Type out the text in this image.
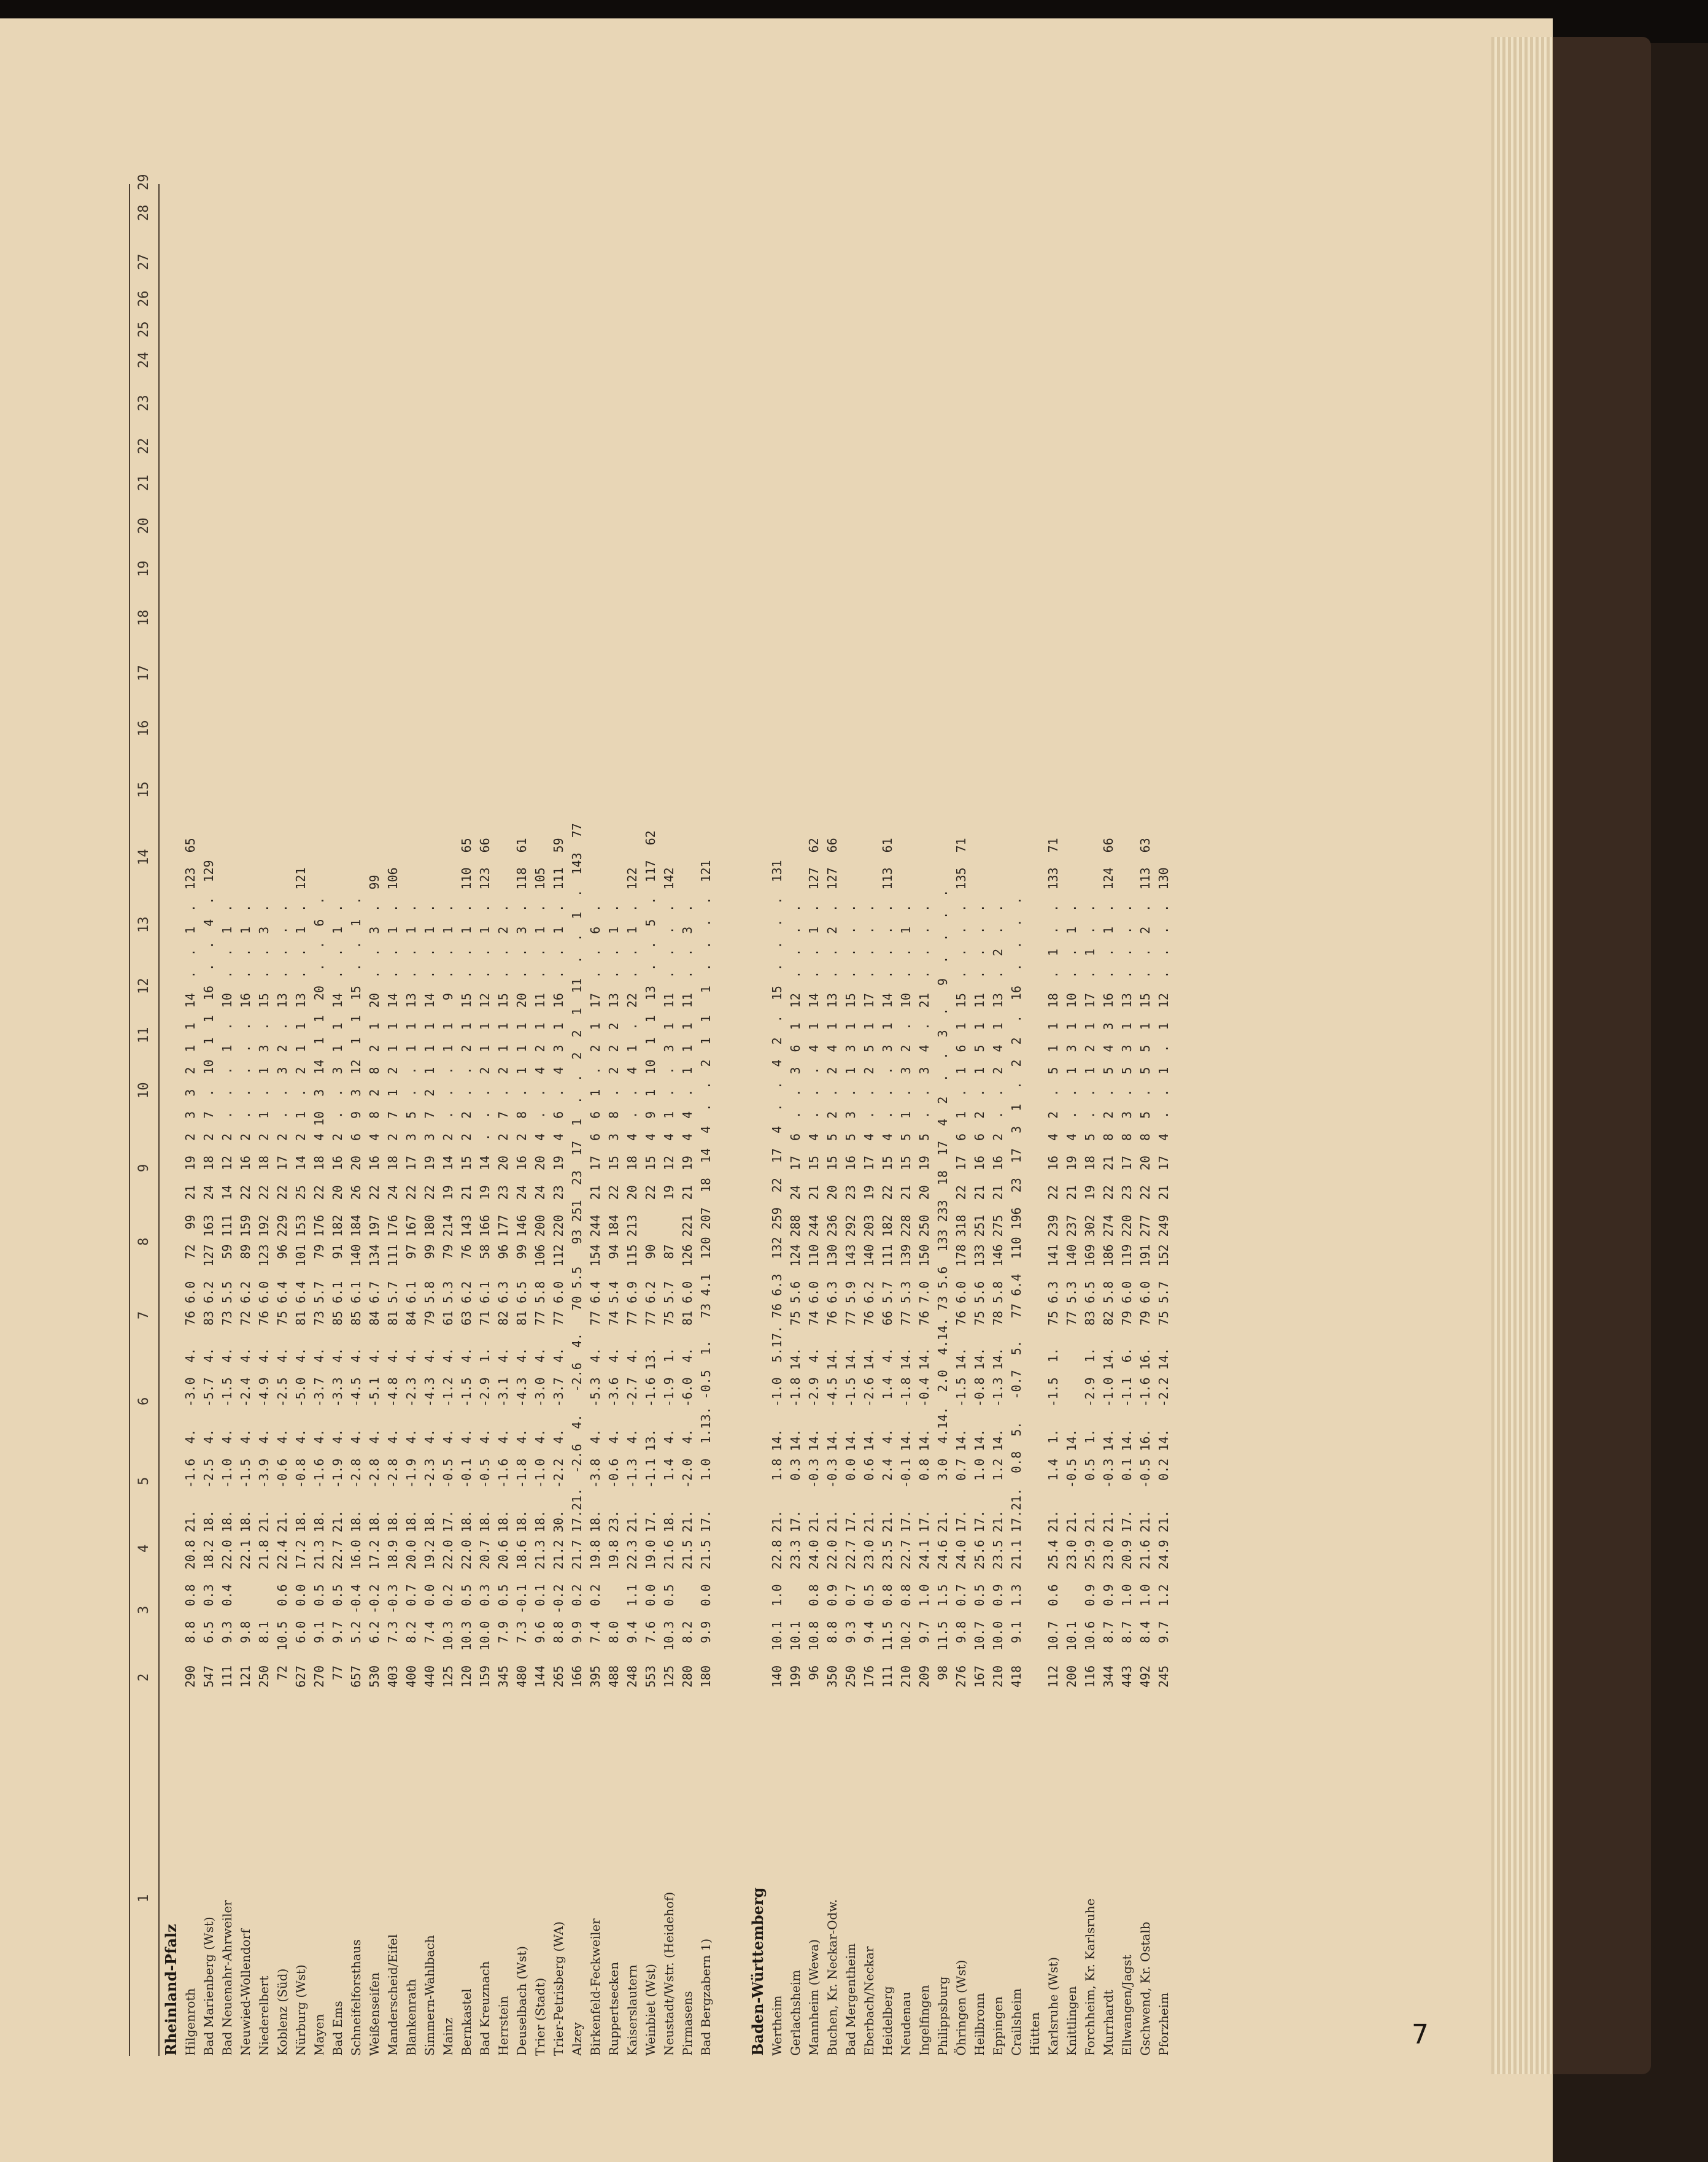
1
2
3
4
5
6
7
8
9
10
11
12
13
14
15
16
17
18
19
20
21
22
23
24
25
26
27
28
29
Rheinland-Pfalz Hilgenroth290   8.8  0.8  20.8 21.   -1.6  4.   -3.0  4.   76 6.0   72  99  21  19  2  3  3  2  1  1  14  .  .  1  .  123  65
Bad Marienberg (Wst)547   6.5  0.3  18.2 18.   -2.5  4.   -5.7  4.   83 6.2  127 163  24  18  2  7  .  10  1  1  16  .  .  4  .  129
Bad Neuenahr-Ahrweiler111   9.3  0.4  22.0 18.   -1.0  4.   -1.5  4.   73 5.5   59 111  14  12  2  .  .  .  1  .  10  .  .  1  .
Neuwied-Wollendorf121   9.8       22.1 18.   -1.5  4.   -2.4  4.   72 6.2   89 159  22  16  2  .  .  .  .  .  16  .  .  1  .
Niederelbert250   8.1       21.8 21.   -3.9  4.   -4.9  4.   76 6.0  123 192  22  18  2  1  .  1  3  .  15  .  .  3  .
Koblenz (Süd) 72  10.5  0.6  22.4 21.   -0.6  4.   -2.5  4.   75 6.4   96 229  22  17  2  .  .  3  2  .  13  .  .  .  .
Nürburg (Wst)627   6.0  0.0  17.2 18.   -0.8  4.   -5.0  4.   81 6.4  101 153  25  14  2  1  .  2  1  1  13  .  .  1  .  121
Mayen270   9.1  0.5  21.3 18.   -1.6  4.   -3.7  4.   73 5.7   79 176  22  18  4 10  3  14  1  1  20  .  .  6  .
Bad Ems 77   9.7  0.5  22.7 21.   -1.9  4.   -3.3  4.   85 6.1   91 182  20  16  2  .  .  3  1  1  14  .  .  1  .
Schneifelforsthaus657   5.2 -0.4  16.0 18.   -2.8  4.   -4.5  4.   85 6.1  140 184  26  20  6  9  3  12  1  1  15  .  .  1  .
Weißenseifen530   6.2 -0.2  17.2 18.   -2.8  4.   -5.1  4.   84 6.7  134 197  22  16  4  8  2  8  2  1  20  .  .  3  .  99
Manderscheid/Eifel403   7.3 -0.3  18.9 18.   -2.8  4.   -4.8  4.   81 5.7  111 176  24  18  2  7  1  2  1  1  14  .  .  1  .  106
Blankenrath400   8.2  0.7  20.0 18.   -1.9  4.   -2.3  4.   84 6.1   97 167  22  17  3  5  .  .  1  1  13  .  .  1  .
Simmern-Wahlbach440   7.4  0.0  19.2 18.   -2.3  4.   -4.3  4.   79 5.8   99 180  22  19  3  7  2  1  1  1  14  .  .  1  .
Mainz125  10.3  0.2  22.0 17.   -0.5  4.   -1.2  4.   61 5.3   79 214  19  14  2  .  .  .  1  1   9  .  .  1  .
Bernkastel120  10.3  0.5  22.0 18.   -0.1  4.   -1.5  4.   63 6.2   76 143  21  15  2  2  .  .  2  1  15  .  .  1  .  110  65
Bad Kreuznach159  10.0  0.3  20.7 18.   -0.5  4.   -2.9  1.   71 6.1   58 166  19  14  .  .  .  2  1  1  12  .  .  1  .  123  66
Herrstein345   7.9  0.5  20.6 18.   -1.6  4.   -3.1  4.   82 6.3   96 177  23  20  2  7  .  2  1  1  15  .  .  2  .
Deuselbach (Wst)480   7.3 -0.1  18.6 18.   -1.8  4.   -4.3  4.   81 6.5   99 146  24  16  2  8  .  1  1  1  20  .  .  3  .  118  61
Trier (Stadt)144   9.6  0.1  21.3 18.   -1.0  4.   -3.0  4.   77 5.8  106 200  24  20  4  .  .  4  2  1  11  .  .  1  .  105
Trier-Petrisberg (WA)265   8.8 -0.2  21.2 30.   -2.2  4.   -3.7  4.   77 6.0  112 220  23  19  4  6  .  4  3  1  16  .  .  1  .  111  59
Alzey166   9.9  0.2  21.7 17.21.  -2.6  4.   -2.6  4.   70 5.5   93 251  23  17  1  .  .  2  2  1  11  .  .  1  .  143  77
Birkenfeld-Feckweiler395   7.4  0.2  19.8 18.   -3.8  4.   -5.3  4.   77 6.4  154 244  21  17  6  6  1  .  2  1  17  .  .  6  .
Ruppertsecken488   8.0       19.8 23.   -0.6  4.   -3.6  4.   74 5.4   94 184  22  15  3  8  .  2  2  2  13  .  .  1  .
Kaiserslautern248   9.4  1.1  22.3 21.   -1.3  4.   -2.7  4.   77 6.9  115 213  20  18  4  .  .  4  1  .  22  .  .  1  .  122
Weinbiet (Wst)553   7.6  0.0  19.0 17.   -1.1 13.   -1.6 13.   77 6.2   90      22  15  4  9  1  10  1  1  13  .  .  5  .  117  62
Neustadt/Wstr. (Heidehof)125  10.3  0.5  21.6 18.    1.4  4.   -1.9  1.   75 5.7   87      19  12  4  1  .  .  3  1  11  .  .  .  .  142
Pirmasens280   8.2       21.5 21.   -2.0  4.   -6.0  4.   81 6.0  126 221  21  19  4  4  .  1  1  1  11  .  .  3  .
Bad Bergzabern 1)180   9.9  0.0  21.5 17.    1.0  1.13. -0.5  1.   73 4.1  120 207  18  14  4  .  .  2  1  1   1  .  .  .  .  121
Baden-Württemberg Wertheim140  10.1  1.0  22.8 21.    1.8 14.   -1.0  5.17. 76 6.3  132 259  22  17  4  .  .  4  2  .  15  .  .  .  .  131
Gerlachsheim199  10.1       23.3 17.    0.3 14.   -1.8 14.   75 5.6  124 288  24  17  6  .  .  3  6  1  12  .  .  .  .
Mannheim (Wewa) 96  10.8  0.8  24.0 21.   -0.3 14.   -2.9  4.   74 6.0  110 244  21  15  4  .  .  .  4  1  14  .  .  1  .  127  62
Buchen, Kr. Neckar-Odw.350   8.8  0.9  22.0 21.   -0.3 14.   -4.5 14.   76 6.3  130 236  20  15  5  2  .  2  4  1  13  .  .  2  .  127  66
Bad Mergentheim250   9.3  0.7  22.7 17.    0.0 14.   -1.5 14.   77 5.9  143 292  23  16  5  3  .  1  3  1  15  .  .  .  .
Eberbach/Neckar176   9.4  0.5  23.0 21.    0.6 14.   -2.6 14.   76 6.2  140 203  19  17  4  .  .  2  5  1  17  .  .  .  .
Heidelberg111  11.5  0.8  23.5 21.    2.4  4.    1.4  4.   66 5.7  111 182  22  15  4  .  .  .  3  1  14  .  .  .  .  113  61
Neudenau210  10.2  0.8  22.7 17.   -0.1 14.   -1.8 14.   77 5.3  139 228  21  15  5  1  .  3  2  .  10  .  .  1  .
Ingelfingen209   9.7  1.0  24.1 17.    0.8 14.   -0.4 14.   76 7.0  150 250  20  19  5  .  .  3  4  .  21  .  .  .  .
Philippsburg 98  11.5  1.5  24.6 21.    3.0  4.14.  2.0  4.14. 73 5.6  133 233  18  17  4  2  .  .  3  .   9  .  .  .  .
Öhringen (Wst)276   9.8  0.7  24.0 17.    0.7 14.   -1.5 14.   76 6.0  178 318  22  17  6  1  .  1  6  1  15  .  .  .  .  135  71
Heilbronn167  10.7  0.5  25.6 17.    1.0 14.   -0.8 14.   75 5.6  133 251  21  16  6  2  .  1  5  1  11  .  .  .  .
Eppingen210  10.0  0.9  23.5 21.    1.2 14.   -1.3 14.   78 5.8  146 275  21  16  2  .  .  2  4  1  13  .  2  .  .
Crailsheim418   9.1  1.3  21.1 17.21.  0.8  5.   -0.7  5.   77 6.4  110 196  23  17  3  1  .  2  2  .  16  .  .  .  .
Hütten Karlsruhe (Wst)112  10.7  0.6  25.4 21.    1.4  1.   -1.5  1.   75 6.3  141 239  22  16  4  2  .  5  1  1  18  .  1  .  .  133  71
Knittlingen200  10.1       23.0 21.   -0.5 14.              77 5.3  140 237  21  19  4  .  .  1  3  1  10  .  .  1  .
Forchheim, Kr. Karlsruhe116  10.6  0.9  25.9 21.    0.5  1.   -2.9  1.   83 6.5  169 302  19  18  5  .  .  1  2  1  17  .  1  .  .
Murrhardt344   8.7  0.9  23.0 21.   -0.3 14.   -1.0 14.   82 5.8  186 274  22  21  8  2  .  5  4  3  16  .  .  1  .  124  66
Ellwangen/Jagst443   8.7  1.0  20.9 17.    0.1 14.   -1.1  6.   79 6.0  119 220  23  17  8  3  .  5  3  1  13  .  .  .  .
Gschwend, Kr. Ostalb492   8.4  1.0  21.6 21.   -0.5 16.   -1.6 16.   79 6.0  191 277  22  20  8  5  .  5  5  1  15  .  .  2  .  113  63
Pforzheim245   9.7  1.2  24.9 21.    0.2 14.   -2.2 14.   75 5.7  152 249  21  17  4  .  .  1  .  1  12  .  .  .  .  130
7
